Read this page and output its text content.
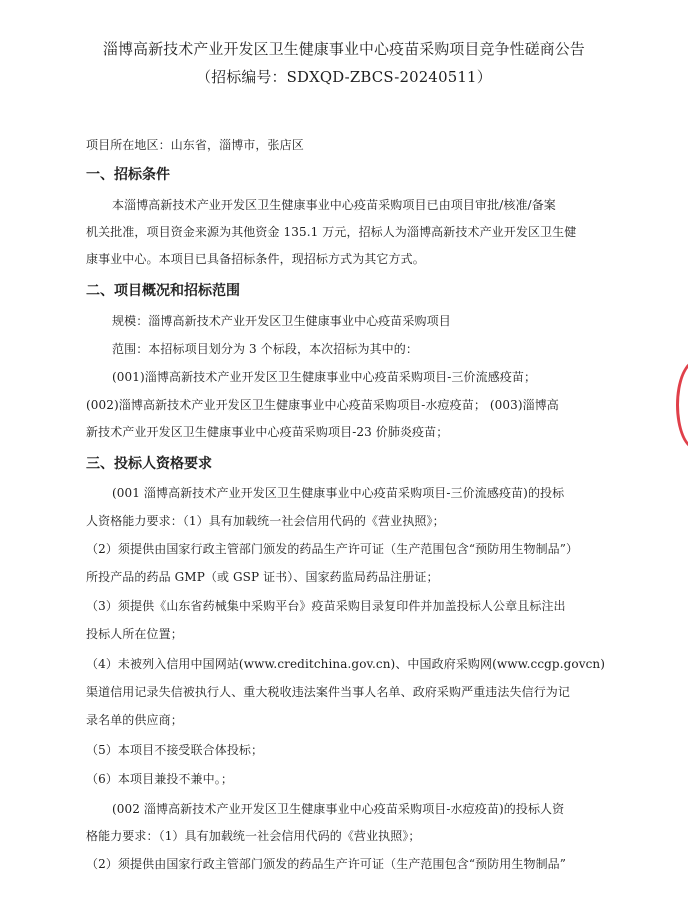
淄博高新技术产业开发区卫生健康事业中心疫苗采购项目竞争性磋商公告
（招标编号：SDXQD-ZBCS-20240511）
项目所在地区：山东省，淄博市，张店区
一、招标条件
本淄博高新技术产业开发区卫生健康事业中心疫苗采购项目已由项目审批/核准/备案
机关批准，项目资金来源为其他资金 135.1 万元，招标人为淄博高新技术产业开发区卫生健
康事业中心。本项目已具备招标条件，现招标方式为其它方式。
二、项目概况和招标范围
规模：淄博高新技术产业开发区卫生健康事业中心疫苗采购项目
范围：本招标项目划分为 3 个标段，本次招标为其中的：
(001)淄博高新技术产业开发区卫生健康事业中心疫苗采购项目-三价流感疫苗；
(002)淄博高新技术产业开发区卫生健康事业中心疫苗采购项目-水痘疫苗； (003)淄博高
新技术产业开发区卫生健康事业中心疫苗采购项目-23 价肺炎疫苗；
三、投标人资格要求
(001 淄博高新技术产业开发区卫生健康事业中心疫苗采购项目-三价流感疫苗)的投标
人资格能力要求：（1）具有加载统一社会信用代码的《营业执照》；
（2）须提供由国家行政主管部门颁发的药品生产许可证（生产范围包含“预防用生物制品”）
所投产品的药品 GMP（或 GSP 证书）、国家药监局药品注册证；
（3）须提供《山东省药械集中采购平台》疫苗采购目录复印件并加盖投标人公章且标注出
投标人所在位置；
（4）未被列入信用中国网站(www.creditchina.gov.cn)、中国政府采购网(www.ccgp.govcn)
渠道信用记录失信被执行人、重大税收违法案件当事人名单、政府采购严重违法失信行为记
录名单的供应商；
（5）本项目不接受联合体投标；
（6）本项目兼投不兼中。；
(002 淄博高新技术产业开发区卫生健康事业中心疫苗采购项目-水痘疫苗)的投标人资
格能力要求：（1）具有加载统一社会信用代码的《营业执照》；
（2）须提供由国家行政主管部门颁发的药品生产许可证（生产范围包含“预防用生物制品”
